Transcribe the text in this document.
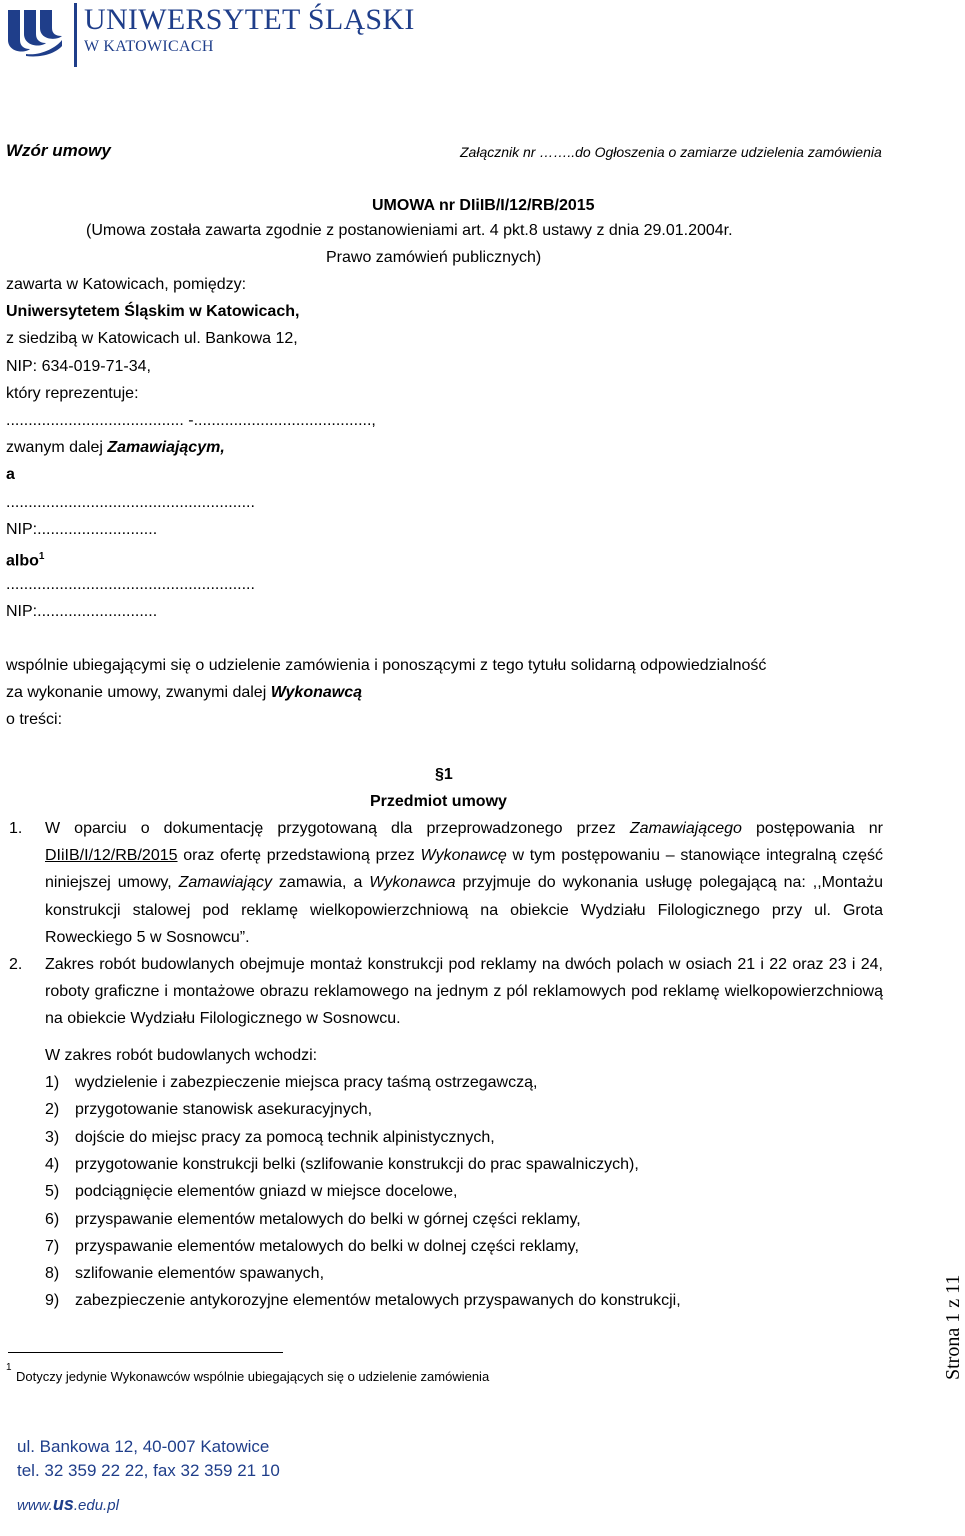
UNIWERSYTET ŚLĄSKI
W KATOWICACH
Wzór umowy	Załącznik nr ……..do Ogłoszenia o zamiarze udzielenia zamówienia
UMOWA nr DIiIB/I/12/RB/2015
(Umowa została zawarta zgodnie z postanowieniami art. 4 pkt.8 ustawy z dnia 29.01.2004r.
Prawo zamówień publicznych)
zawarta w Katowicach, pomiędzy:
Uniwersytetem Śląskim w Katowicach,
z siedzibą w Katowicach ul. Bankowa 12,
NIP: 634-019-71-34,
który reprezentuje:
........................................ -........................................,
zwanym dalej Zamawiającym,
a
........................................................
NIP:...........................
albo$^1$
........................................................
NIP:...........................
wspólnie ubiegającymi się o udzielenie zamówienia i ponoszącymi z tego tytułu solidarną odpowiedzialność
za wykonanie umowy, zwanymi dalej Wykonawcą
o treści:
§1
Przedmiot umowy
1. W oparciu o dokumentację przygotowaną dla przeprowadzonego przez Zamawiającego postępowania nr DIiIB/I/12/RB/2015 oraz ofertę przedstawioną przez Wykonawcę w tym postępowaniu – stanowiące integralną część niniejszej umowy, Zamawiający zamawia, a Wykonawca przyjmuje do wykonania usługę polegającą na: ,,Montażu konstrukcji stalowej pod reklamę wielkopowierzchniową na obiekcie Wydziału Filologicznego przy ul. Grota Roweckiego 5 w Sosnowcu”.
2. Zakres robót budowlanych obejmuje montaż konstrukcji pod reklamy na dwóch polach w osiach 21 i 22 oraz 23 i 24, roboty graficzne i montażowe obrazu reklamowego na jednym z pól reklamowych pod reklamę wielkopowierzchniową na obiekcie Wydziału Filologicznego w Sosnowcu.
W zakres robót budowlanych wchodzi:
1) wydzielenie i zabezpieczenie miejsca pracy taśmą ostrzegawczą,
2) przygotowanie stanowisk asekuracyjnych,
3) dojście do miejsc pracy za pomocą technik alpinistycznych,
4) przygotowanie konstrukcji belki (szlifowanie konstrukcji do prac spawalniczych),
5) podciągnięcie elementów gniazd w miejsce docelowe,
6) przyspawanie elementów metalowych do belki w górnej części reklamy,
7) przyspawanie elementów metalowych do belki w dolnej części reklamy,
8) szlifowanie elementów spawanych,
9) zabezpieczenie antykorozyjne elementów metalowych przyspawanych do konstrukcji,
1
Dotyczy jedynie Wykonawców wspólnie ubiegających się o udzielenie zamówienia	Strona 1 z 11
ul. Bankowa 12, 40-007 Katowice
tel. 32 359 22 22, fax 32 359 21 10
www.us.edu.pl
